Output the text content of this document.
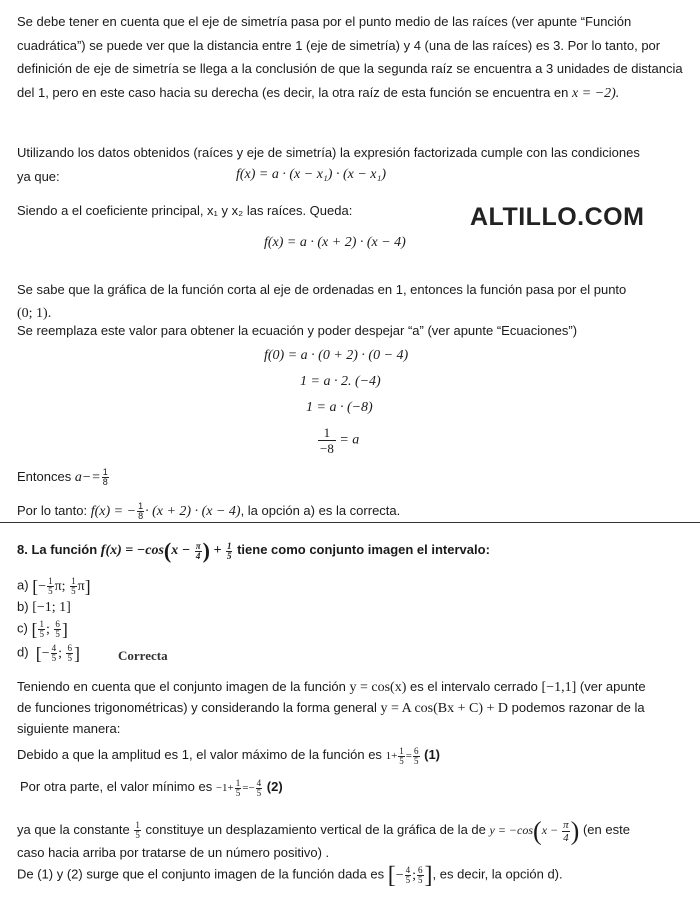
Se debe tener en cuenta que el eje de simetría pasa por el punto medio de las raíces (ver apunte “Función cuadrática”) se puede ver que la distancia entre 1 (eje de simetría) y 4 (una de las raíces) es 3. Por lo tanto, por definición de eje de simetría se llega a la conclusión de que la segunda raíz se encuentra a 3 unidades de distancia del 1, pero en este caso hacia su derecha (es decir, la otra raíz de esta función se encuentra en x = −2).
Utilizando los datos obtenidos (raíces y eje de simetría) la expresión factorizada cumple con las condiciones
ya que:	f(x) = a · (x − x₁) · (x − x₁)
Siendo a el coeficiente principal, x₁ y x₂ las raíces. Queda:	ALTILLO.COM
f(x) = a · (x + 2) · (x − 4)
Se sabe que la gráfica de la función corta al eje de ordenadas en 1, entonces la función pasa por el punto
(0; 1).
Se reemplaza este valor para obtener la ecuación y poder despejar “a” (ver apunte “Ecuaciones”)
f(0) = a · (0 + 2) · (0 − 4)
1 = a · 2. (−4)
1 = a · (−8)
$\frac{1}{-8} = a$
Entonces $a-= \frac{1}{8}$
Por lo tanto: f(x) = − $\frac{1}{8} \cdot (x + 2) \cdot (x - 4)$, la opción a) es la correcta.
8. La función $f(x) = -\cos(x - \frac{\pi}{4}$ ) + $\frac{1}{5}$ tiene como conjunto imagen el intervalo:
a) [− $\frac{1}{5} \pi$; $\frac{1}{5} \pi$]
b) [−1; 1]
c) [ $\frac{1}{5}$ ; $\frac{6}{5}$ ]
d) [− $\frac{4}{5}$ ; $\frac{6}{5}$ ]	Correcta
Teniendo en cuenta que el conjunto imagen de la función y = cos(x) es el intervalo cerrado [−1,1] (ver apunte
de funciones trigonométricas) y considerando la forma general y = A cos(Bx + C) + D podemos razonar de la
siguiente manera:
Debido a que la amplitud es 1, el valor máximo de la función es $1+ \frac{1}{5} = \frac{6}{5} (1)$
Por otra parte, el valor mínimo es $-1+ \frac{1}{5} =- \frac{4}{5} (2)$
ya que la constante $\frac{1}{5}$ constituye un desplazamiento vertical de la gráfica de la de $y = -\cos(x - \frac{\pi}{4}$ ) (en este
caso hacia arriba por tratarse de un número positivo) .
De (1) y (2) surge que el conjunto imagen de la función dada es [− $\frac{4}{5}$ ; $\frac{6}{5}$ ], es decir, la opción d).
